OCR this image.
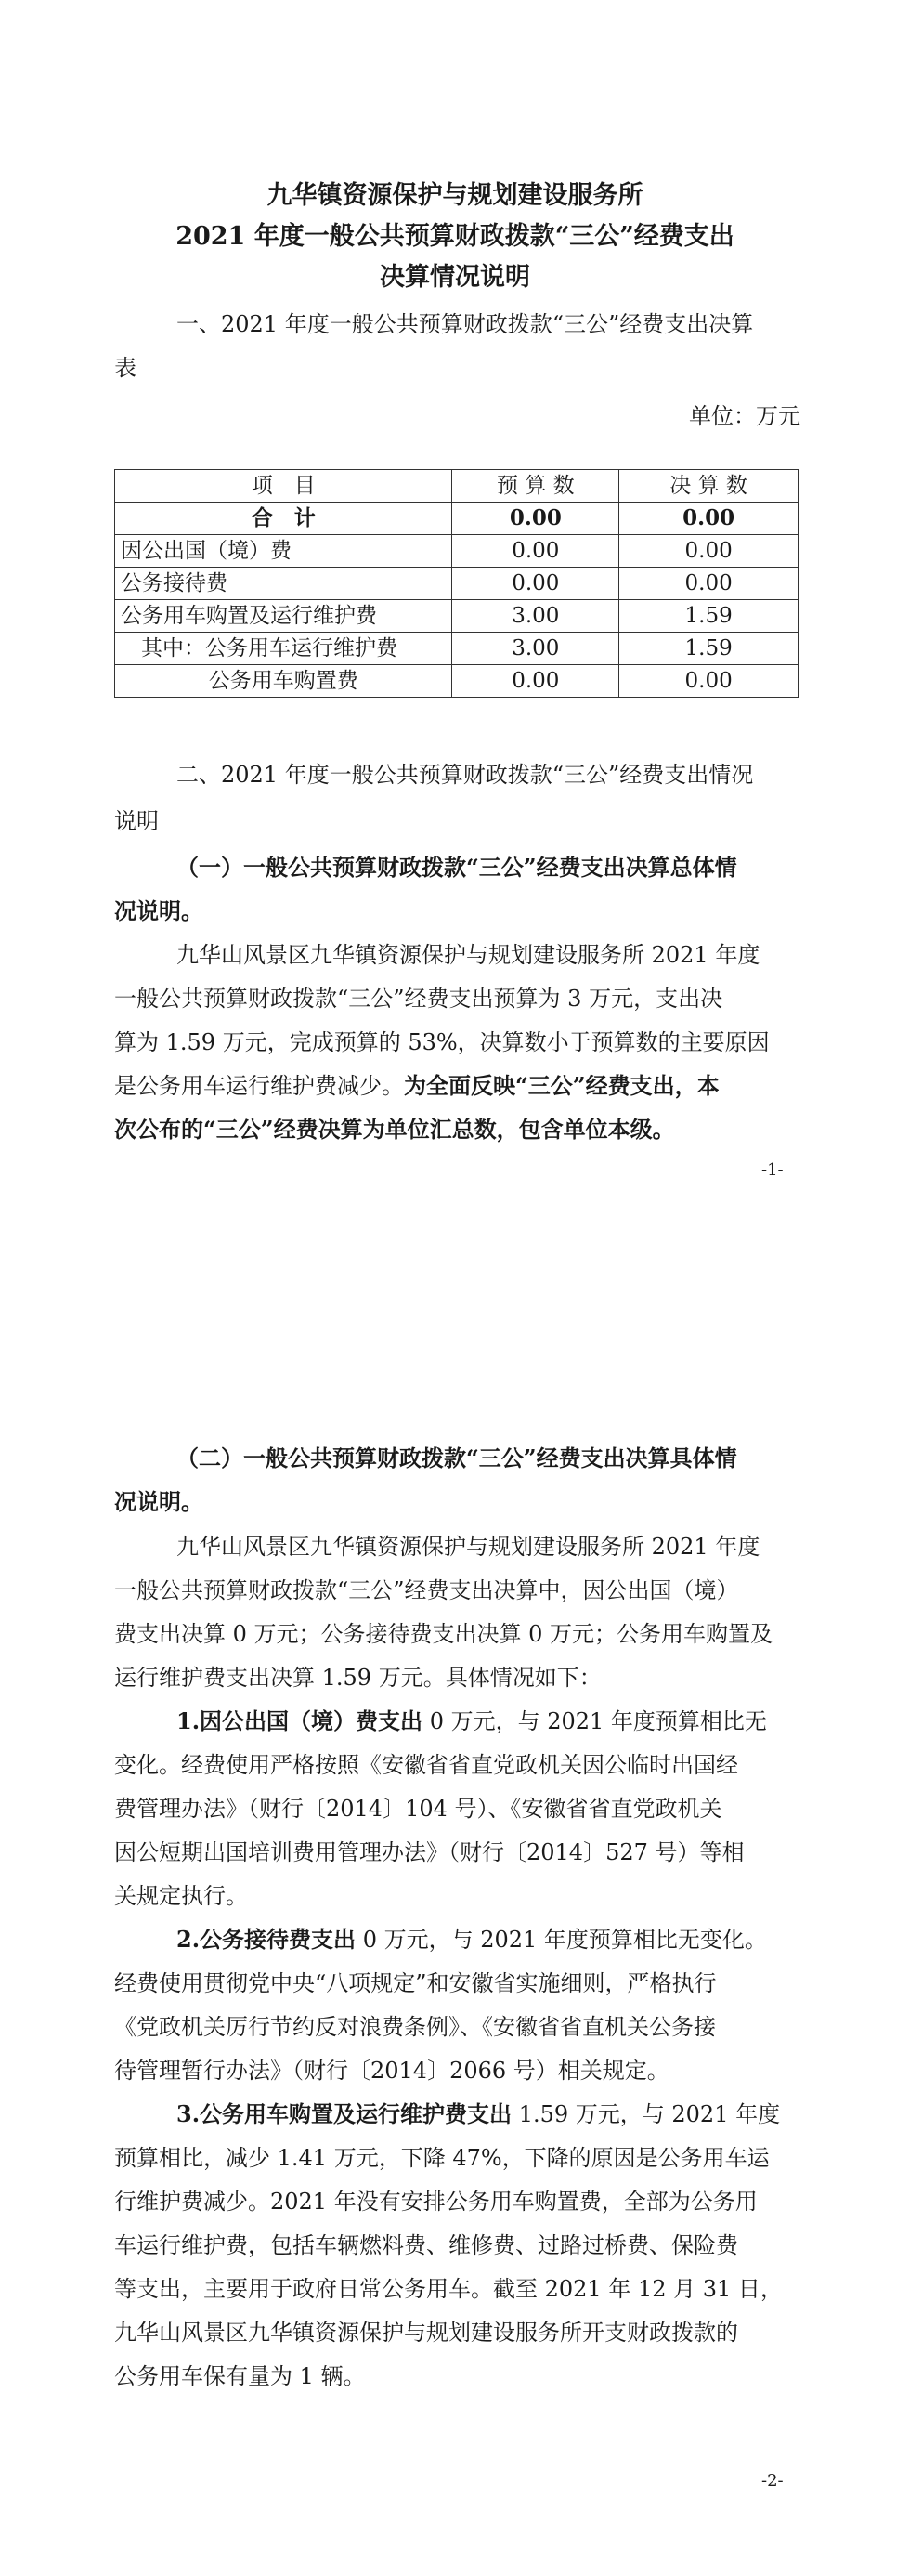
九华镇资源保护与规划建设服务所
2021 年度一般公共预算财政拨款“三公”经费支出
决算情况说明
一、2021 年度一般公共预算财政拨款“三公”经费支出决算
表
单位：万元
项　目	预 算 数	决 算 数
合　计	0.00	0.00
因公出国（境）费	0.00	0.00
公务接待费	0.00	0.00
公务用车购置及运行维护费	3.00	1.59
其中：公务用车运行维护费	3.00	1.59
公务用车购置费	0.00	0.00
二、2021 年度一般公共预算财政拨款“三公”经费支出情况
说明
（一）一般公共预算财政拨款“三公”经费支出决算总体情
况说明。
九华山风景区九华镇资源保护与规划建设服务所 2021 年度
一般公共预算财政拨款“三公”经费支出预算为 3 万元，支出决
算为 1.59 万元，完成预算的 53%，决算数小于预算数的主要原因
是公务用车运行维护费减少。为全面反映“三公”经费支出，本
次公布的“三公”经费决算为单位汇总数，包含单位本级。
-1-
（二）一般公共预算财政拨款“三公”经费支出决算具体情
况说明。
九华山风景区九华镇资源保护与规划建设服务所 2021 年度
一般公共预算财政拨款“三公”经费支出决算中，因公出国（境）
费支出决算 0 万元；公务接待费支出决算 0 万元；公务用车购置及
运行维护费支出决算 1.59 万元。具体情况如下：
1.因公出国（境）费支出 0 万元，与 2021 年度预算相比无
变化。经费使用严格按照《安徽省省直党政机关因公临时出国经
费管理办法》（财行〔2014〕104 号）、《安徽省省直党政机关
因公短期出国培训费用管理办法》（财行〔2014〕527 号）等相
关规定执行。
2.公务接待费支出 0 万元，与 2021 年度预算相比无变化。
经费使用贯彻党中央“八项规定”和安徽省实施细则，严格执行
《党政机关厉行节约反对浪费条例》、《安徽省省直机关公务接
待管理暂行办法》（财行〔2014〕2066 号）相关规定。
3.公务用车购置及运行维护费支出 1.59 万元，与 2021 年度
预算相比，减少 1.41 万元，下降 47%，下降的原因是公务用车运
行维护费减少。2021 年没有安排公务用车购置费，全部为公务用
车运行维护费，包括车辆燃料费、维修费、过路过桥费、保险费
等支出，主要用于政府日常公务用车。截至 2021 年 12 月 31 日，
九华山风景区九华镇资源保护与规划建设服务所开支财政拨款的
公务用车保有量为 1 辆。
-2-
